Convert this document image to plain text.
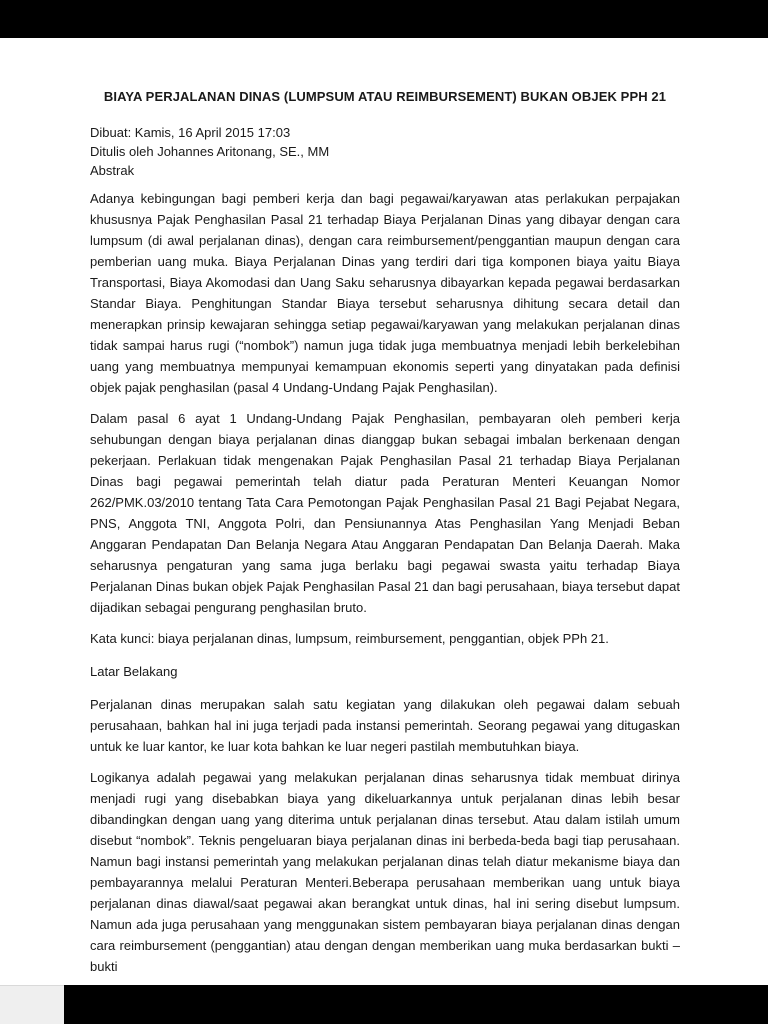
BIAYA PERJALANAN DINAS (LUMPSUM ATAU REIMBURSEMENT) BUKAN OBJEK PPH 21

Dibuat: Kamis, 16 April 2015 17:03

Ditulis oleh Johannes Aritonang, SE., MM

Abstrak

Adanya kebingungan bagi pemberi kerja dan bagi pegawai/karyawan atas perlakukan perpajakan khususnya Pajak Penghasilan Pasal 21 terhadap Biaya Perjalanan Dinas yang dibayar dengan cara lumpsum (di awal perjalanan dinas), dengan cara reimbursement/penggantian maupun dengan cara pemberian uang muka. Biaya Perjalanan Dinas yang terdiri dari tiga komponen biaya yaitu Biaya Transportasi, Biaya Akomodasi dan Uang Saku seharusnya dibayarkan kepada pegawai berdasarkan Standar Biaya. Penghitungan Standar Biaya tersebut seharusnya dihitung secara detail dan menerapkan prinsip kewajaran sehingga setiap pegawai/karyawan yang melakukan perjalanan dinas tidak sampai harus rugi (“nombok”) namun juga tidak juga membuatnya menjadi lebih berkelebihan uang yang membuatnya mempunyai kemampuan ekonomis seperti yang dinyatakan pada definisi objek pajak penghasilan (pasal 4 Undang-Undang Pajak Penghasilan).

Dalam pasal 6 ayat 1 Undang-Undang Pajak Penghasilan, pembayaran oleh pemberi kerja sehubungan dengan biaya perjalanan dinas dianggap bukan sebagai imbalan berkenaan dengan pekerjaan. Perlakuan tidak mengenakan Pajak Penghasilan Pasal 21 terhadap Biaya Perjalanan Dinas bagi pegawai pemerintah telah diatur pada Peraturan Menteri Keuangan Nomor 262/PMK.03/2010 tentang Tata Cara Pemotongan Pajak Penghasilan Pasal 21 Bagi Pejabat Negara, PNS, Anggota TNI, Anggota Polri, dan Pensiunannya Atas Penghasilan Yang Menjadi Beban Anggaran Pendapatan Dan Belanja Negara Atau Anggaran Pendapatan Dan Belanja Daerah. Maka seharusnya pengaturan yang sama juga berlaku bagi pegawai swasta yaitu terhadap Biaya Perjalanan Dinas bukan objek Pajak Penghasilan Pasal 21 dan bagi perusahaan, biaya tersebut dapat dijadikan sebagai pengurang penghasilan bruto.

Kata kunci: biaya perjalanan dinas, lumpsum, reimbursement, penggantian, objek PPh 21.

Latar Belakang

Perjalanan dinas merupakan salah satu kegiatan yang dilakukan oleh pegawai dalam sebuah perusahaan, bahkan hal ini juga terjadi pada instansi pemerintah. Seorang pegawai yang ditugaskan untuk ke luar kantor, ke luar kota bahkan ke luar negeri pastilah membutuhkan biaya.

Logikanya adalah pegawai yang melakukan perjalanan dinas seharusnya tidak membuat dirinya menjadi rugi yang disebabkan biaya yang dikeluarkannya untuk perjalanan dinas lebih besar dibandingkan dengan uang yang diterima untuk perjalanan dinas tersebut. Atau dalam istilah umum disebut “nombok”. Teknis pengeluaran biaya perjalanan dinas ini berbeda-beda bagi tiap perusahaan. Namun bagi instansi pemerintah yang melakukan perjalanan dinas telah diatur mekanisme biaya dan pembayarannya melalui Peraturan Menteri.Beberapa perusahaan memberikan uang untuk biaya perjalanan dinas diawal/saat pegawai akan berangkat untuk dinas, hal ini sering disebut lumpsum. Namun ada juga perusahaan yang menggunakan sistem pembayaran biaya perjalanan dinas dengan cara reimbursement (penggantian) atau dengan dengan memberikan uang muka berdasarkan bukti –bukti
